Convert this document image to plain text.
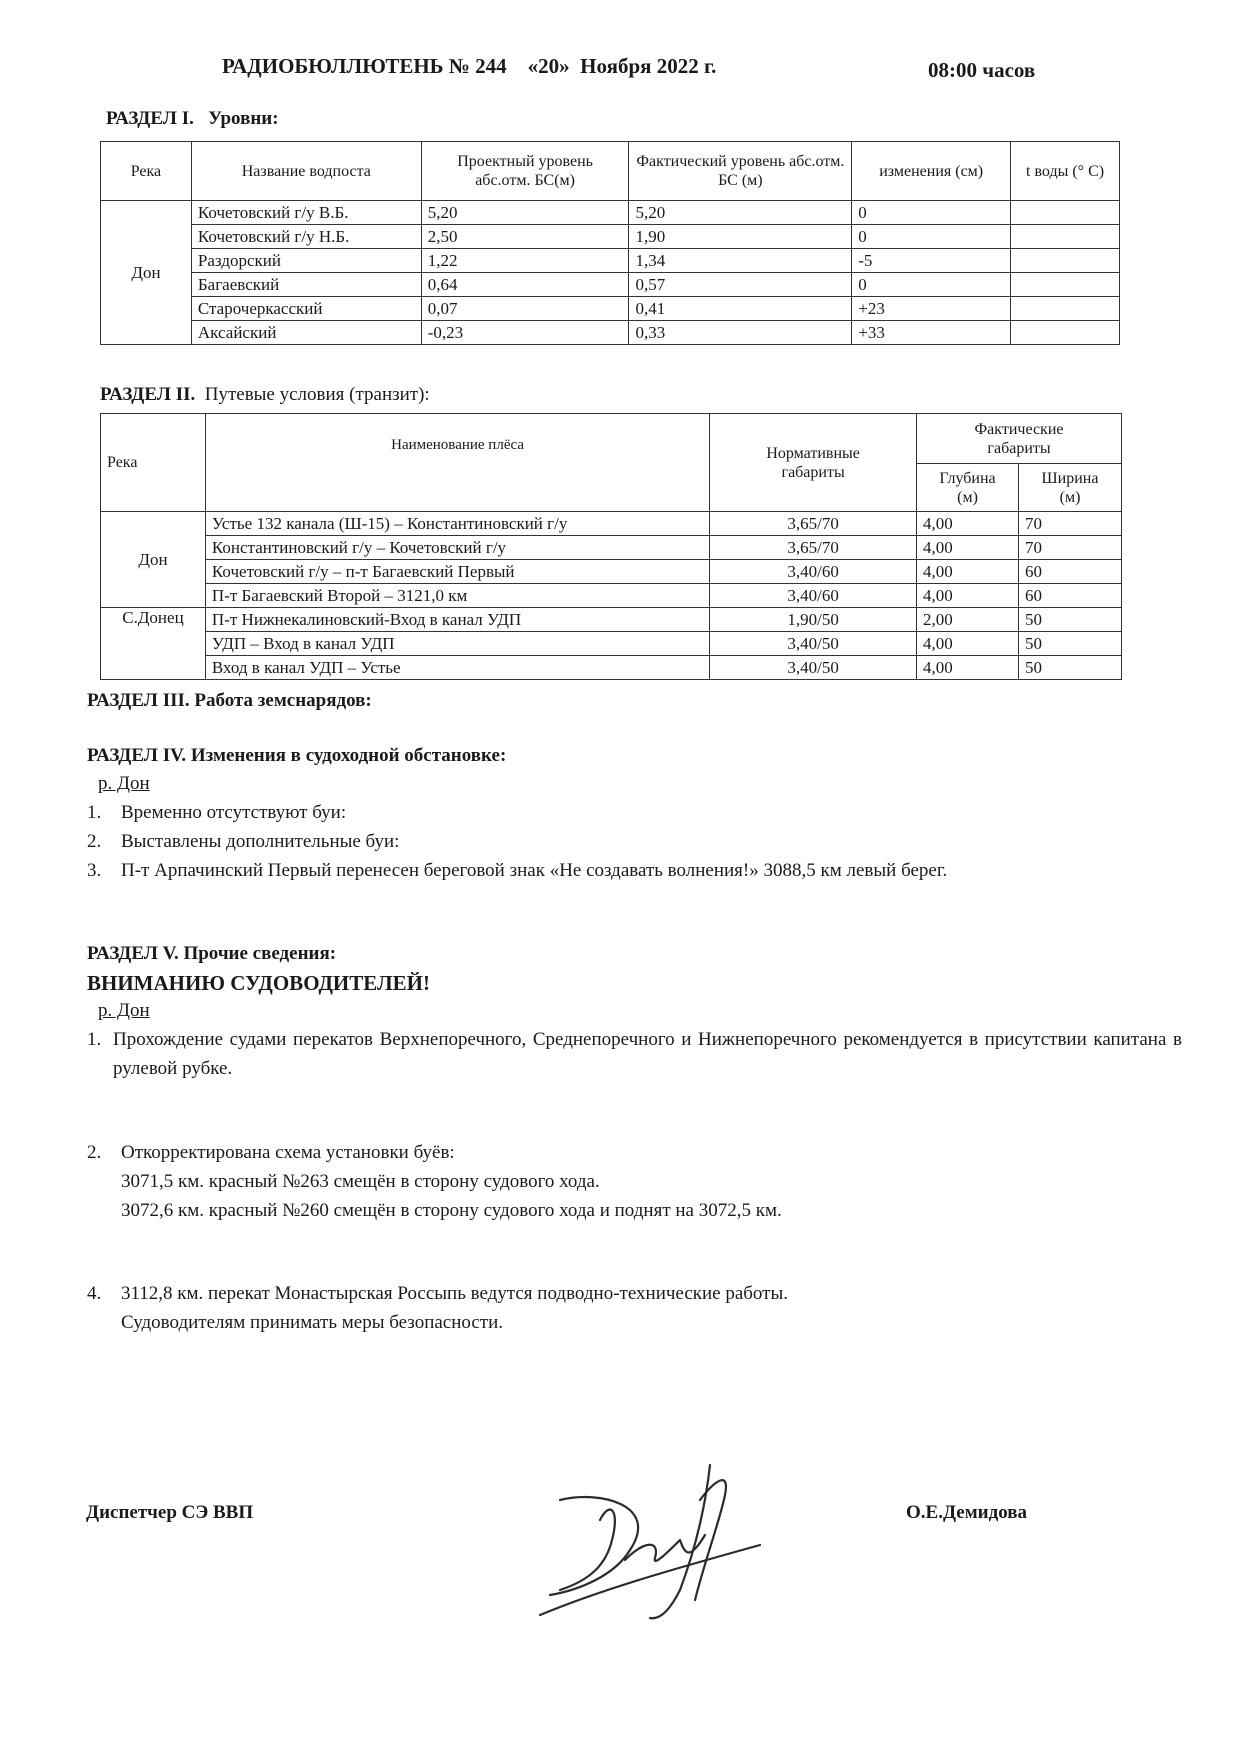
РАДИОБЮЛЛЮТЕНЬ № 244    «20»  Ноября 2022 г.	08:00 часов
РАЗДЕЛ I. Уровни:
Река	Название водпоста	Проектный уровень абс.отм. БС(м)	Фактический уровень абс.отм. БС (м)	изменения (см)	t воды (° С)
Дон	Кочетовский г/у В.Б.	5,20	5,20	0	
	Кочетовский г/у Н.Б.	2,50	1,90	0	
	Раздорский	1,22	1,34	-5	
	Багаевский	0,64	0,57	0	
	Старочеркасский	0,07	0,41	+23	
	Аксайский	-0,23	0,33	+33	
РАЗДЕЛ II. Путевые условия (транзит):
Река	Наименование плёса	Нормативные габариты	Фактические габариты	
			Глубина (м)	Ширина (м)
Дон	Устье 132 канала (Ш-15) – Константиновский г/у	3,65/70	4,00	70
	Константиновский г/у – Кочетовский г/у	3,65/70	4,00	70
	Кочетовский г/у – п-т Багаевский Первый	3,40/60	4,00	60
	П-т Багаевский Второй – 3121,0 км	3,40/60	4,00	60
С.Донец	П-т Нижнекалиновский-Вход в канал УДП	1,90/50	2,00	50
	УДП – Вход в канал УДП	3,40/50	4,00	50
	Вход в канал УДП – Устье	3,40/50	4,00	50
РАЗДЕЛ III. Работа земснарядов:
РАЗДЕЛ IV. Изменения в судоходной обстановке:
р. Дон
1. Временно отсутствуют буи:
2. Выставлены дополнительные буи:
3. П-т Арпачинский Первый перенесен береговой знак «Не создавать волнения!» 3088,5 км левый берег.
РАЗДЕЛ V. Прочие сведения:
ВНИМАНИЮ СУДОВОДИТЕЛЕЙ!
р. Дон
1. Прохождение судами перекатов Верхнепоречного, Среднепоречного и Нижнепоречного рекомендуется в присутствии капитана в рулевой рубке.
2. Откорректирована схема установки буёв:
3071,5 км. красный №263 смещён в сторону судового хода.
3072,6 км. красный №260 смещён в сторону судового хода и поднят на 3072,5 км.
4. 3112,8 км. перекат Монастырская Россыпь ведутся подводно-технические работы.
Судоводителям принимать меры безопасности.
Диспетчер СЭ ВВП	О.Е.Демидова
